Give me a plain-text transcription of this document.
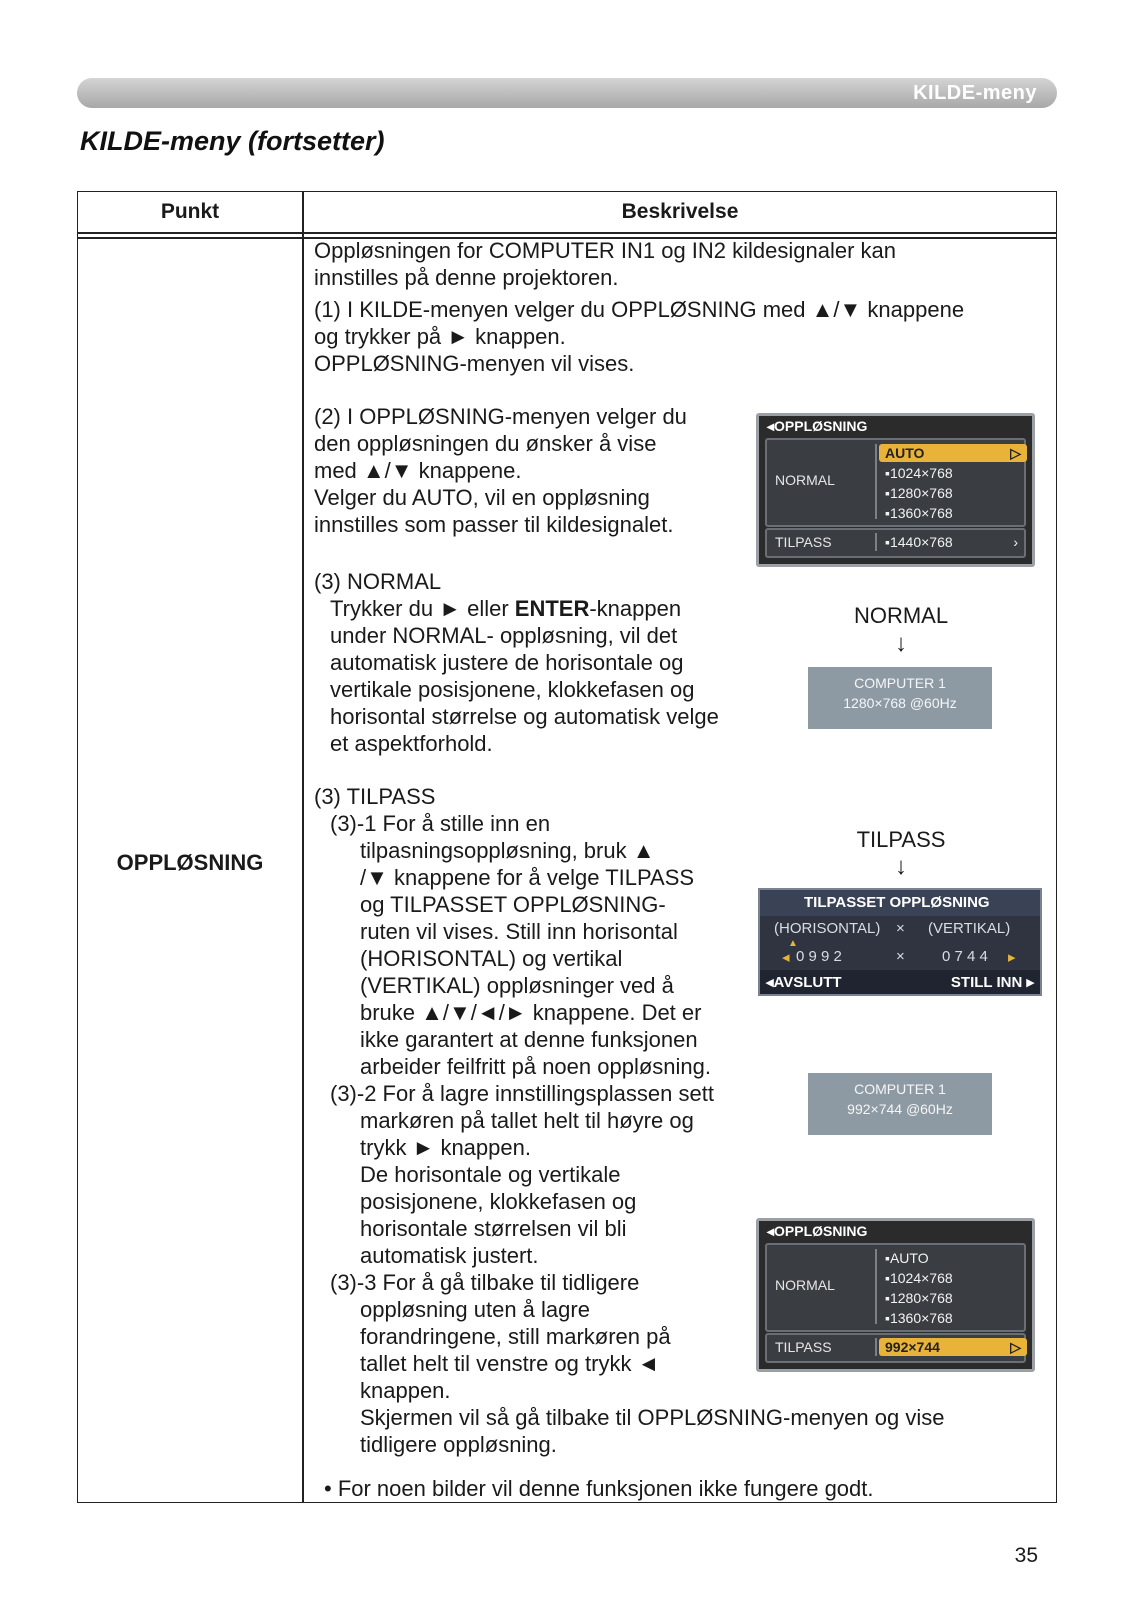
KILDE-meny
KILDE-meny (fortsetter)
Punkt	Beskrivelse
OPPLØSNING

Oppløsningen for COMPUTER IN1 og IN2 kildesignaler kan
innstilles på denne projektoren.

(1) I KILDE-menyen velger du OPPLØSNING med ▲/▼ knappene
og trykker på ► knappen.
OPPLØSNING-menyen vil vises.

(2) I OPPLØSNING-menyen velger du
den oppløsningen du ønsker å vise
med ▲/▼ knappene.
Velger du AUTO, vil en oppløsning
innstilles som passer til kildesignalet.

(3) NORMAL

Trykker du ► eller ENTER-knappen

under NORMAL- oppløsning, vil det
automatisk justere de horisontale og
vertikale posisjonene, klokkefasen og
horisontal størrelse og automatisk velge
et aspektforhold.

(3) TILPASS

(3)-1 For å stille inn en

tilpasningsoppløsning, bruk ▲
/▼ knappene for å velge TILPASS
og TILPASSET OPPLØSNING-
ruten vil vises. Still inn horisontal
(HORISONTAL) og vertikal
(VERTIKAL) oppløsninger ved å
bruke ▲/▼/◄/► knappene. Det er
ikke garantert at denne funksjonen
arbeider feilfritt på noen oppløsning.

(3)-2 For å lagre innstillingsplassen sett

markøren på tallet helt til høyre og
trykk ► knappen.
De horisontale og vertikale
posisjonene, klokkefasen og
horisontale størrelsen vil bli
automatisk justert.

(3)-3 For å gå tilbake til tidligere

oppløsning uten å lagre
forandringene, still markøren på
tallet helt til venstre og trykk ◄
knappen.
Skjermen vil så gå tilbake til OPPLØSNING-menyen og vise
tidligere oppløsning.

• For noen bilder vil denne funksjonen ikke fungere godt.

◂OPPLØSNING
NORMAL
AUTO	▷
▪1024×768
▪1280×768
▪1360×768
TILPASS	▪1440×768	›
NORMAL
↓
COMPUTER 1
1280×768 @60Hz
TILPASS
↓
TILPASSET OPPLØSNING
(HORISONTAL) × (VERTIKAL)
▲
◂ 0 9 9 2	× 0 7 4 4 ▸
◂AVSLUTT	STILL INN ▸
COMPUTER 1
992×744 @60Hz
◂OPPLØSNING
NORMAL
▪AUTO
▪1024×768
▪1280×768
▪1360×768
TILPASS	992×744	▷
35
